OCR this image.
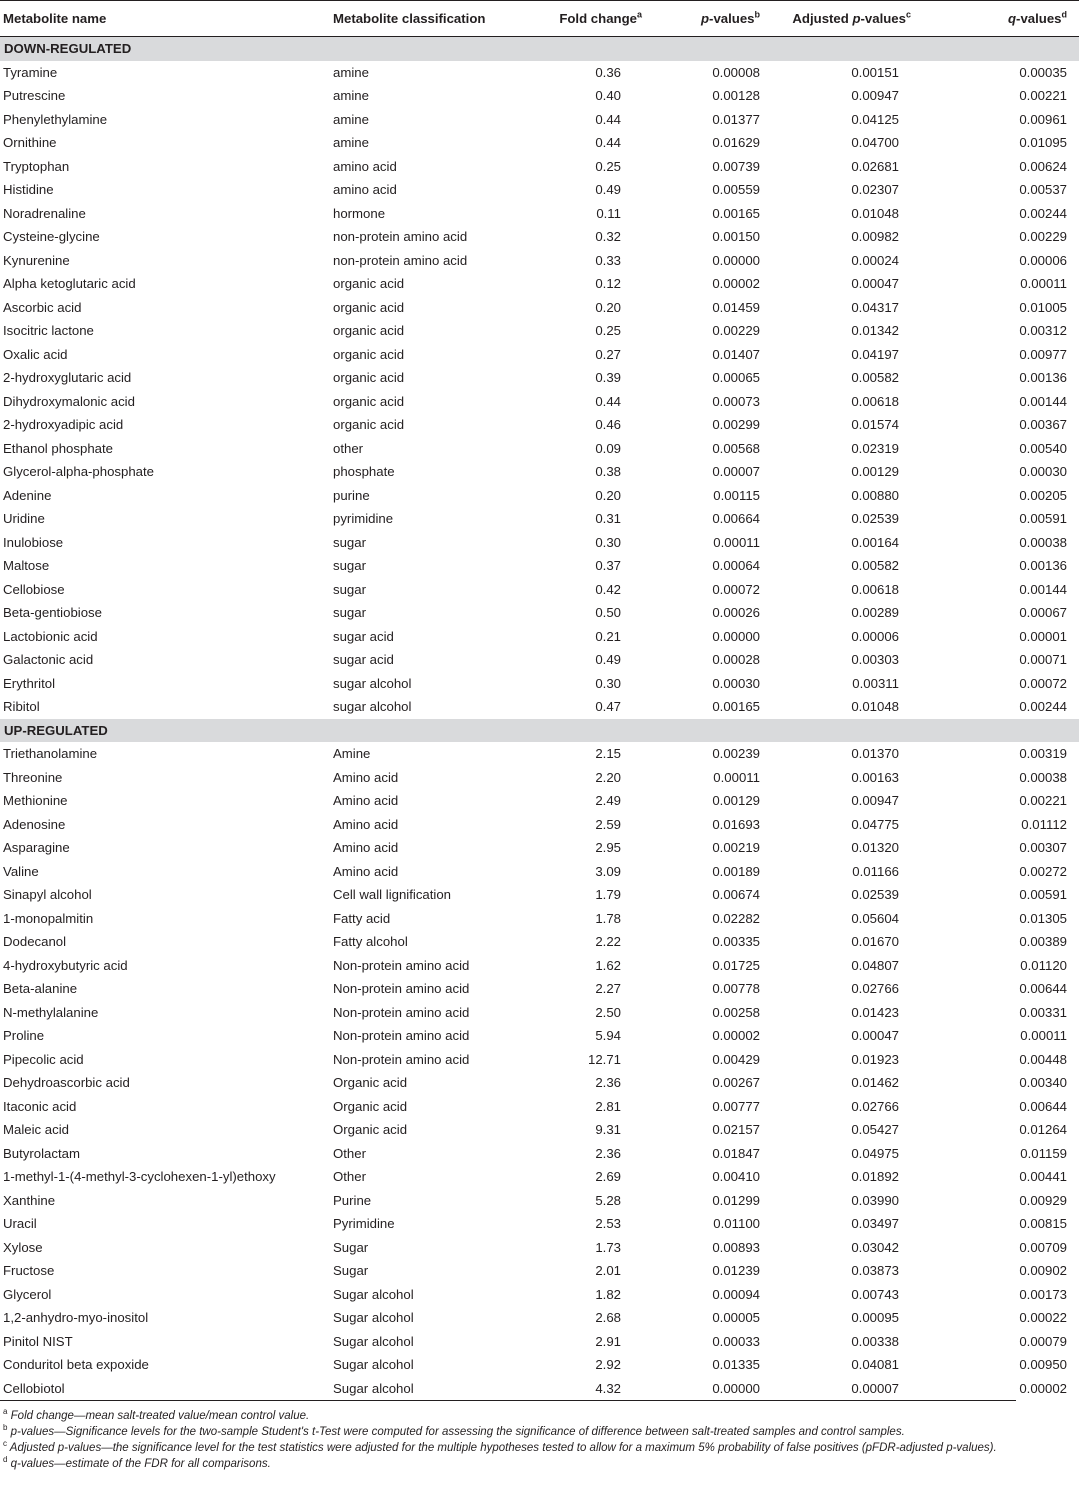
Metabolite name	Metabolite classification	Fold change$^a$	p-values$^b$	Adjusted p-values$^c$	q-values$^d$
DOWN-REGULATED					
Tyramine	amine	0.36	0.00008	0.00151	0.00035
Putrescine	amine	0.40	0.00128	0.00947	0.00221
Phenylethylamine	amine	0.44	0.01377	0.04125	0.00961
Ornithine	amine	0.44	0.01629	0.04700	0.01095
Tryptophan	amino acid	0.25	0.00739	0.02681	0.00624
Histidine	amino acid	0.49	0.00559	0.02307	0.00537
Noradrenaline	hormone	0.11	0.00165	0.01048	0.00244
Cysteine-glycine	non-protein amino acid	0.32	0.00150	0.00982	0.00229
Kynurenine	non-protein amino acid	0.33	0.00000	0.00024	0.00006
Alpha ketoglutaric acid	organic acid	0.12	0.00002	0.00047	0.00011
Ascorbic acid	organic acid	0.20	0.01459	0.04317	0.01005
Isocitric lactone	organic acid	0.25	0.00229	0.01342	0.00312
Oxalic acid	organic acid	0.27	0.01407	0.04197	0.00977
2-hydroxyglutaric acid	organic acid	0.39	0.00065	0.00582	0.00136
Dihydroxymalonic acid	organic acid	0.44	0.00073	0.00618	0.00144
2-hydroxyadipic acid	organic acid	0.46	0.00299	0.01574	0.00367
Ethanol phosphate	other	0.09	0.00568	0.02319	0.00540
Glycerol-alpha-phosphate	phosphate	0.38	0.00007	0.00129	0.00030
Adenine	purine	0.20	0.00115	0.00880	0.00205
Uridine	pyrimidine	0.31	0.00664	0.02539	0.00591
Inulobiose	sugar	0.30	0.00011	0.00164	0.00038
Maltose	sugar	0.37	0.00064	0.00582	0.00136
Cellobiose	sugar	0.42	0.00072	0.00618	0.00144
Beta-gentiobiose	sugar	0.50	0.00026	0.00289	0.00067
Lactobionic acid	sugar acid	0.21	0.00000	0.00006	0.00001
Galactonic acid	sugar acid	0.49	0.00028	0.00303	0.00071
Erythritol	sugar alcohol	0.30	0.00030	0.00311	0.00072
Ribitol	sugar alcohol	0.47	0.00165	0.01048	0.00244
UP-REGULATED					
Triethanolamine	Amine	2.15	0.00239	0.01370	0.00319
Threonine	Amino acid	2.20	0.00011	0.00163	0.00038
Methionine	Amino acid	2.49	0.00129	0.00947	0.00221
Adenosine	Amino acid	2.59	0.01693	0.04775	0.01112
Asparagine	Amino acid	2.95	0.00219	0.01320	0.00307
Valine	Amino acid	3.09	0.00189	0.01166	0.00272
Sinapyl alcohol	Cell wall lignification	1.79	0.00674	0.02539	0.00591
1-monopalmitin	Fatty acid	1.78	0.02282	0.05604	0.01305
Dodecanol	Fatty alcohol	2.22	0.00335	0.01670	0.00389
4-hydroxybutyric acid	Non-protein amino acid	1.62	0.01725	0.04807	0.01120
Beta-alanine	Non-protein amino acid	2.27	0.00778	0.02766	0.00644
N-methylalanine	Non-protein amino acid	2.50	0.00258	0.01423	0.00331
Proline	Non-protein amino acid	5.94	0.00002	0.00047	0.00011
Pipecolic acid	Non-protein amino acid	12.71	0.00429	0.01923	0.00448
Dehydroascorbic acid	Organic acid	2.36	0.00267	0.01462	0.00340
Itaconic acid	Organic acid	2.81	0.00777	0.02766	0.00644
Maleic acid	Organic acid	9.31	0.02157	0.05427	0.01264
Butyrolactam	Other	2.36	0.01847	0.04975	0.01159
1-methyl-1-(4-methyl-3-cyclohexen-1-yl)ethoxy	Other	2.69	0.00410	0.01892	0.00441
Xanthine	Purine	5.28	0.01299	0.03990	0.00929
Uracil	Pyrimidine	2.53	0.01100	0.03497	0.00815
Xylose	Sugar	1.73	0.00893	0.03042	0.00709
Fructose	Sugar	2.01	0.01239	0.03873	0.00902
Glycerol	Sugar alcohol	1.82	0.00094	0.00743	0.00173
1,2-anhydro-myo-inositol	Sugar alcohol	2.68	0.00005	0.00095	0.00022
Pinitol NIST	Sugar alcohol	2.91	0.00033	0.00338	0.00079
Conduritol beta expoxide	Sugar alcohol	2.92	0.01335	0.04081	0.00950
Cellobiotol	Sugar alcohol	4.32	0.00000	0.00007	0.00002
$^a$ Fold change—mean salt-treated value/mean control value.
$^b$ p-values—Significance levels for the two-sample Student's t-Test were computed for assessing the significance of difference between salt-treated samples and control samples.
$^c$ Adjusted p-values—the significance level for the test statistics were adjusted for the multiple hypotheses tested to allow for a maximum 5% probability of false positives (pFDR-adjusted p-values).
$^d$ q-values—estimate of the FDR for all comparisons.
